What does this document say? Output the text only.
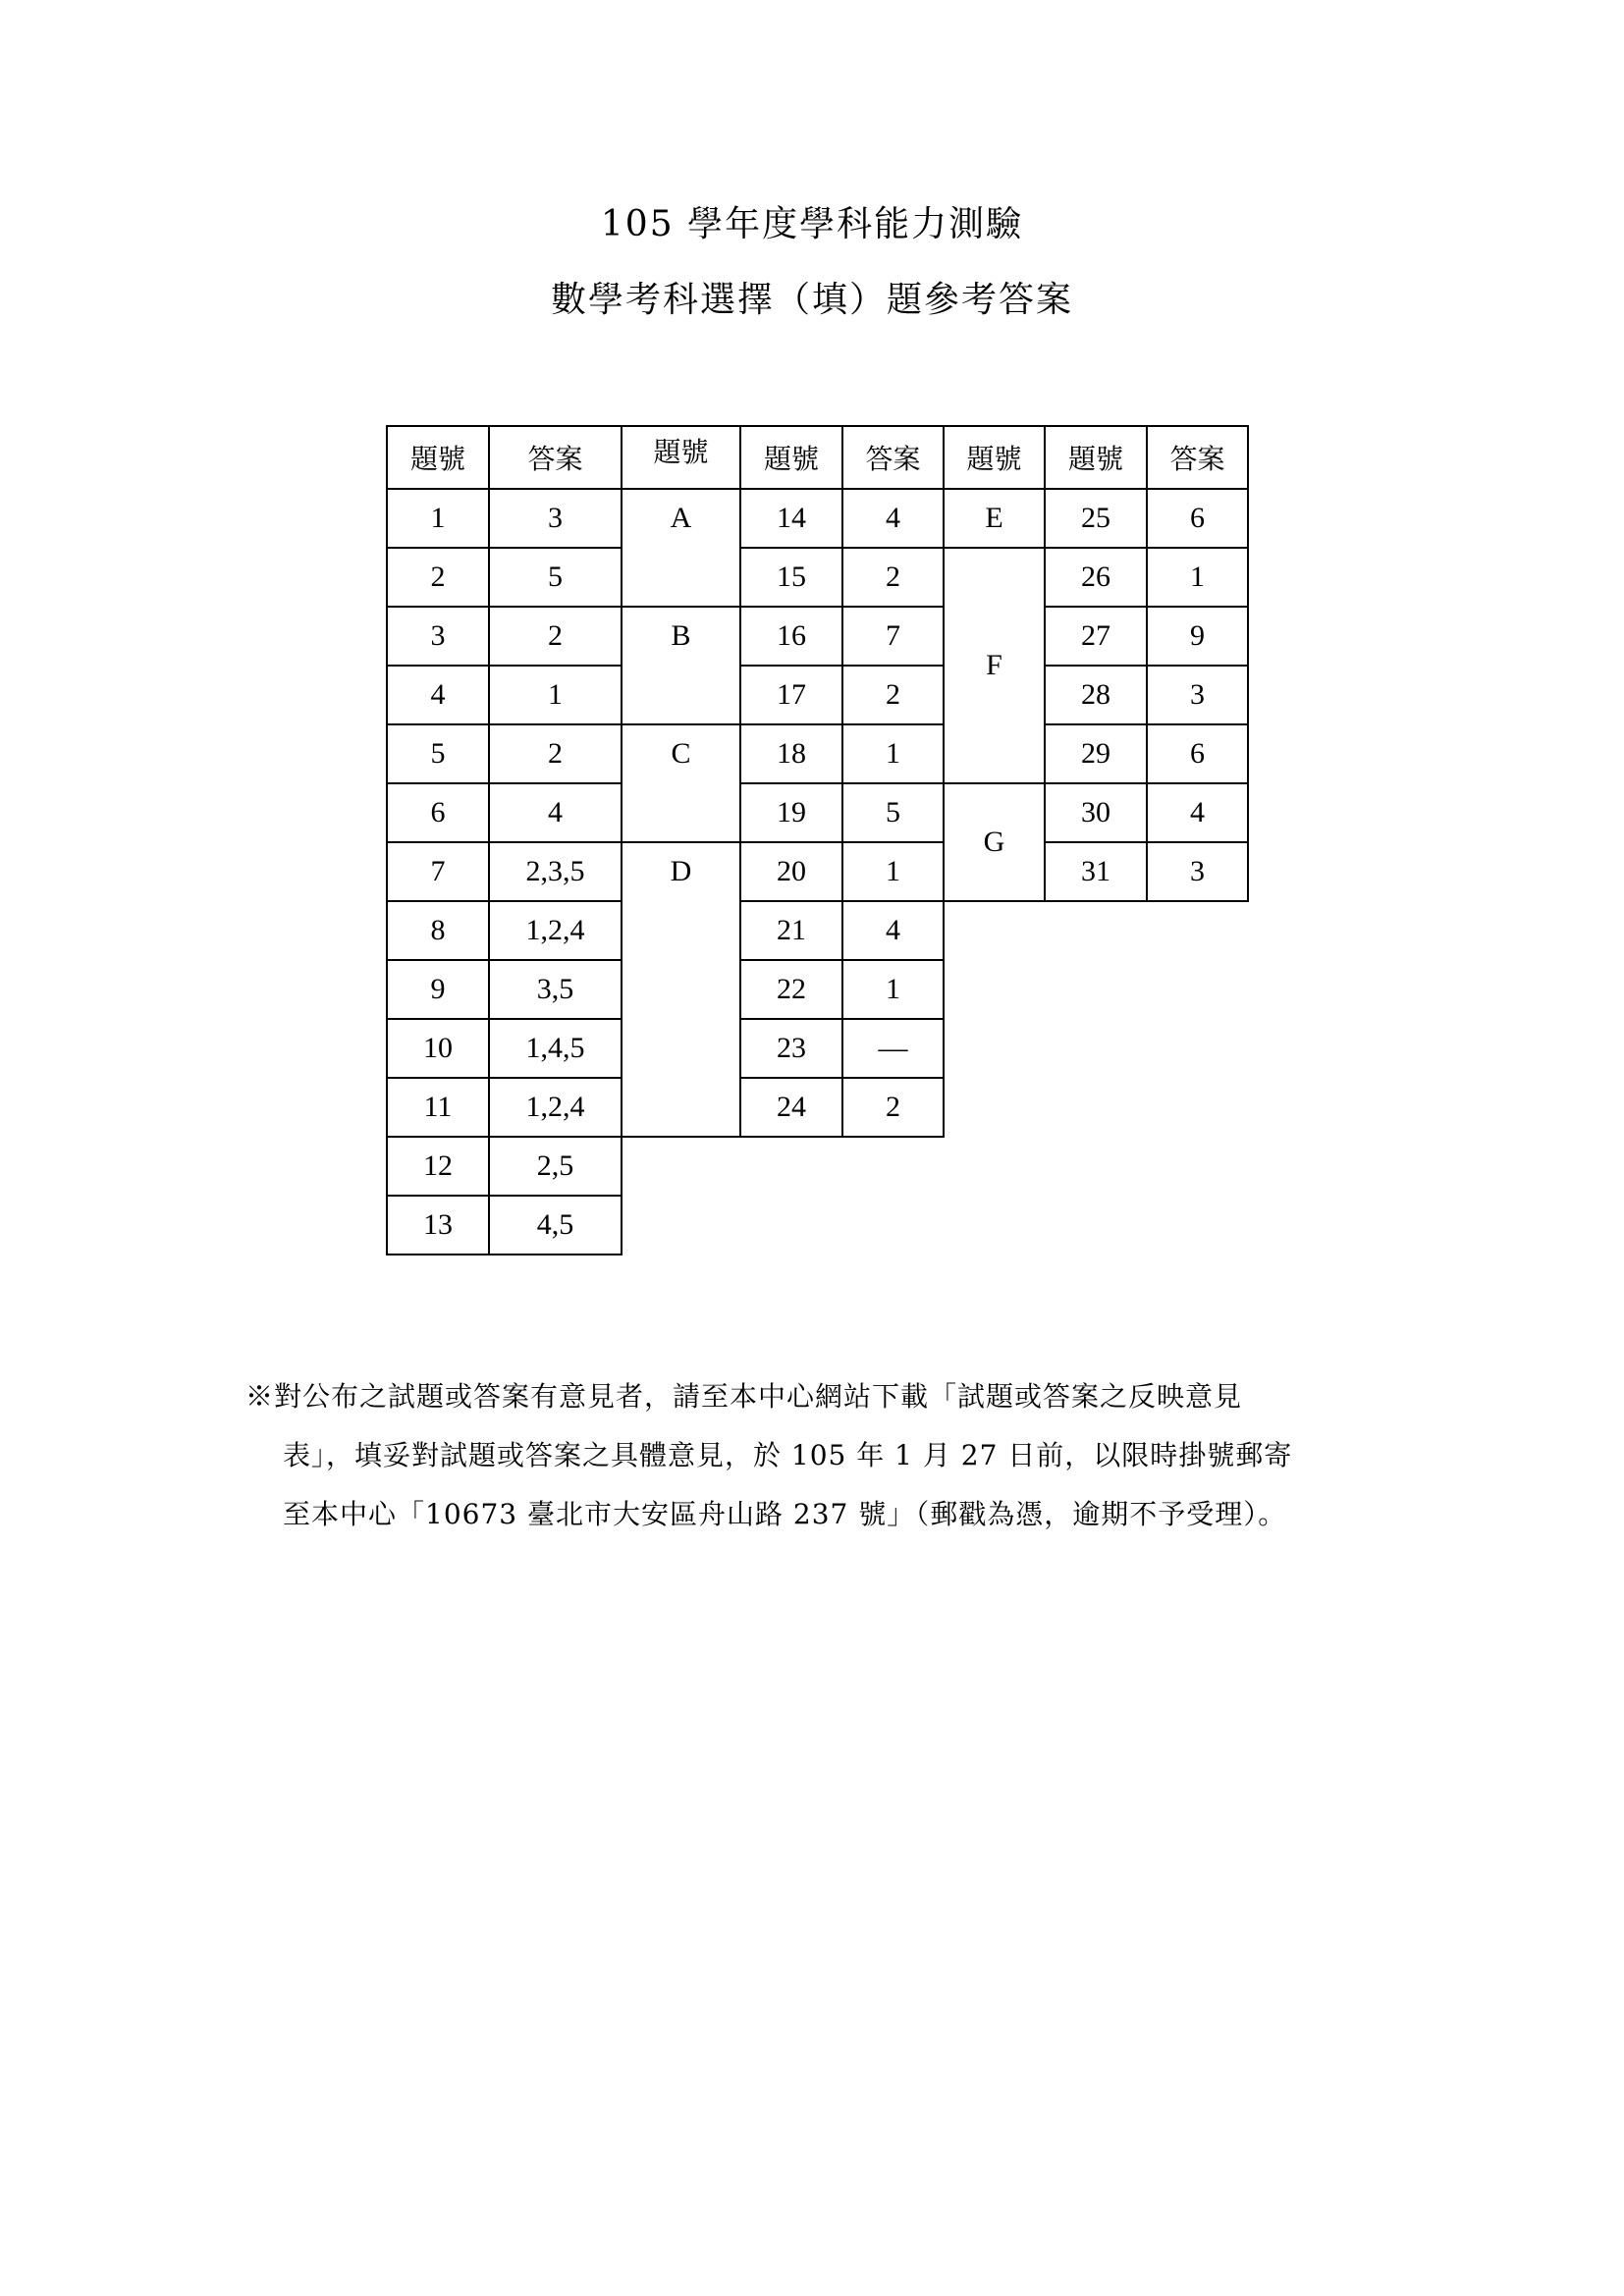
105 學年度學科能力測驗
數學考科選擇（填）題參考答案
題號	答案	題號	題號	答案	題號	題號	答案
1	3	A	14	4	E	25	6
2	5		15	2	F	26	1
3	2	B	16	7		27	9
4	1		17	2		28	3
5	2	C	18	1		29	6
6	4		19	5	G	30	4
7	2,3,5	D	20	1		31	3
8	1,2,4		21	4			
9	3,5		22	1			
10	1,4,5		23	—			
11	1,2,4		24	2			
12	2,5						
13	4,5						
※對公布之試題或答案有意見者，請至本中心網站下載「試題或答案之反映意見
表」，填妥對試題或答案之具體意見，於 105 年 1 月 27 日前，以限時掛號郵寄
至本中心「10673 臺北市大安區舟山路 237 號」（郵戳為憑，逾期不予受理）。
